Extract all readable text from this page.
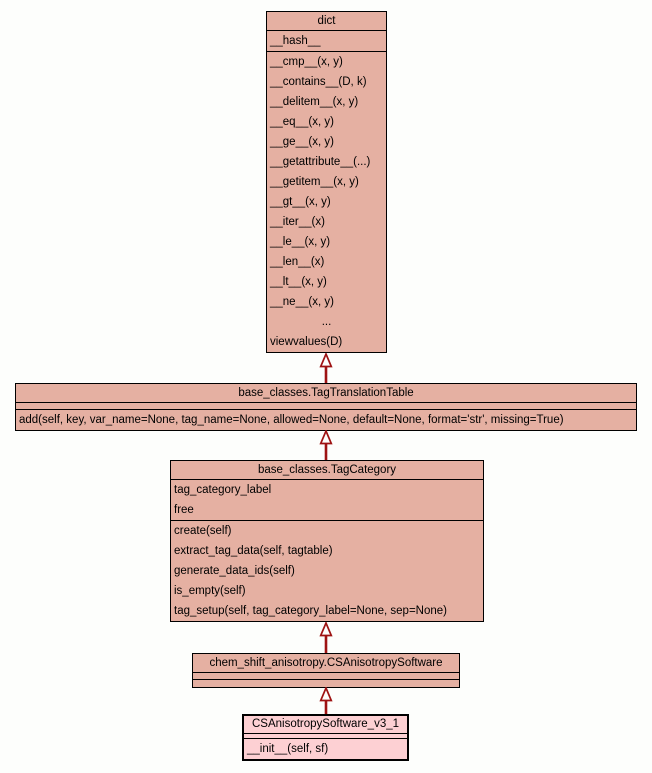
dict
__hash__
__cmp__(x, y)
__contains__(D, k)
__delitem__(x, y)
__eq__(x, y)
__ge__(x, y)
__getattribute__(...)
__getitem__(x, y)
__gt__(x, y)
__iter__(x)
__le__(x, y)
__len__(x)
__lt__(x, y)
__ne__(x, y)
...
viewvalues(D)
base_classes.TagTranslationTable
add(self, key, var_name=None, tag_name=None, allowed=None, default=None, format='str', missing=True)
base_classes.TagCategory
tag_category_label
free
create(self)
extract_tag_data(self, tagtable)
generate_data_ids(self)
is_empty(self)
tag_setup(self, tag_category_label=None, sep=None)
chem_shift_anisotropy.CSAnisotropySoftware
CSAnisotropySoftware_v3_1
__init__(self, sf)
